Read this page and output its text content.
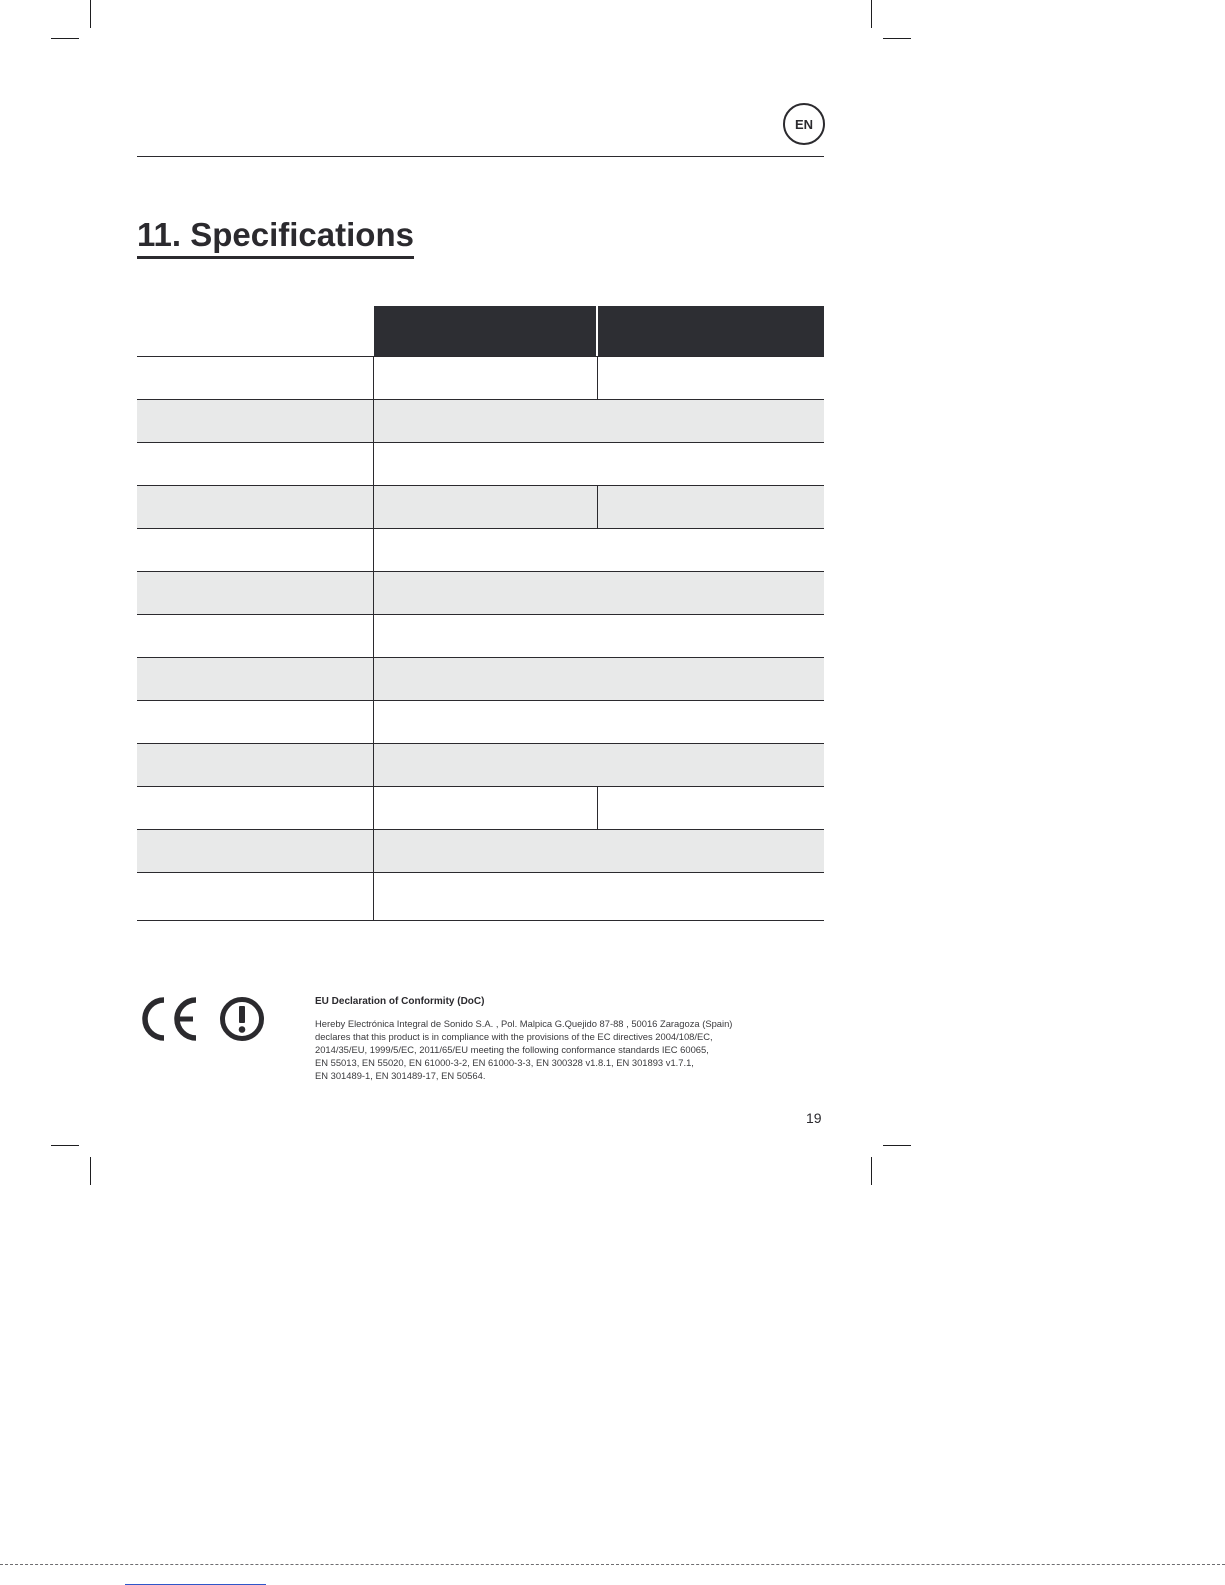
EN
11. Specifications

EU Declaration of Conformity (DoC)

Hereby Electrónica Integral de Sonido S.A. , Pol. Malpica G.Quejido 87-88 , 50016 Zaragoza (Spain)
declares that this product is in compliance with the provisions of the EC directives 2004/108/EC,
2014/35/EU, 1999/5/EC, 2011/65/EU meeting the following conformance standards IEC 60065,
EN 55013, EN 55020, EN 61000-3-2, EN 61000-3-3, EN 300328 v1.8.1, EN 301893 v1.7.1,
EN 301489-1, EN 301489-17, EN 50564.

19
